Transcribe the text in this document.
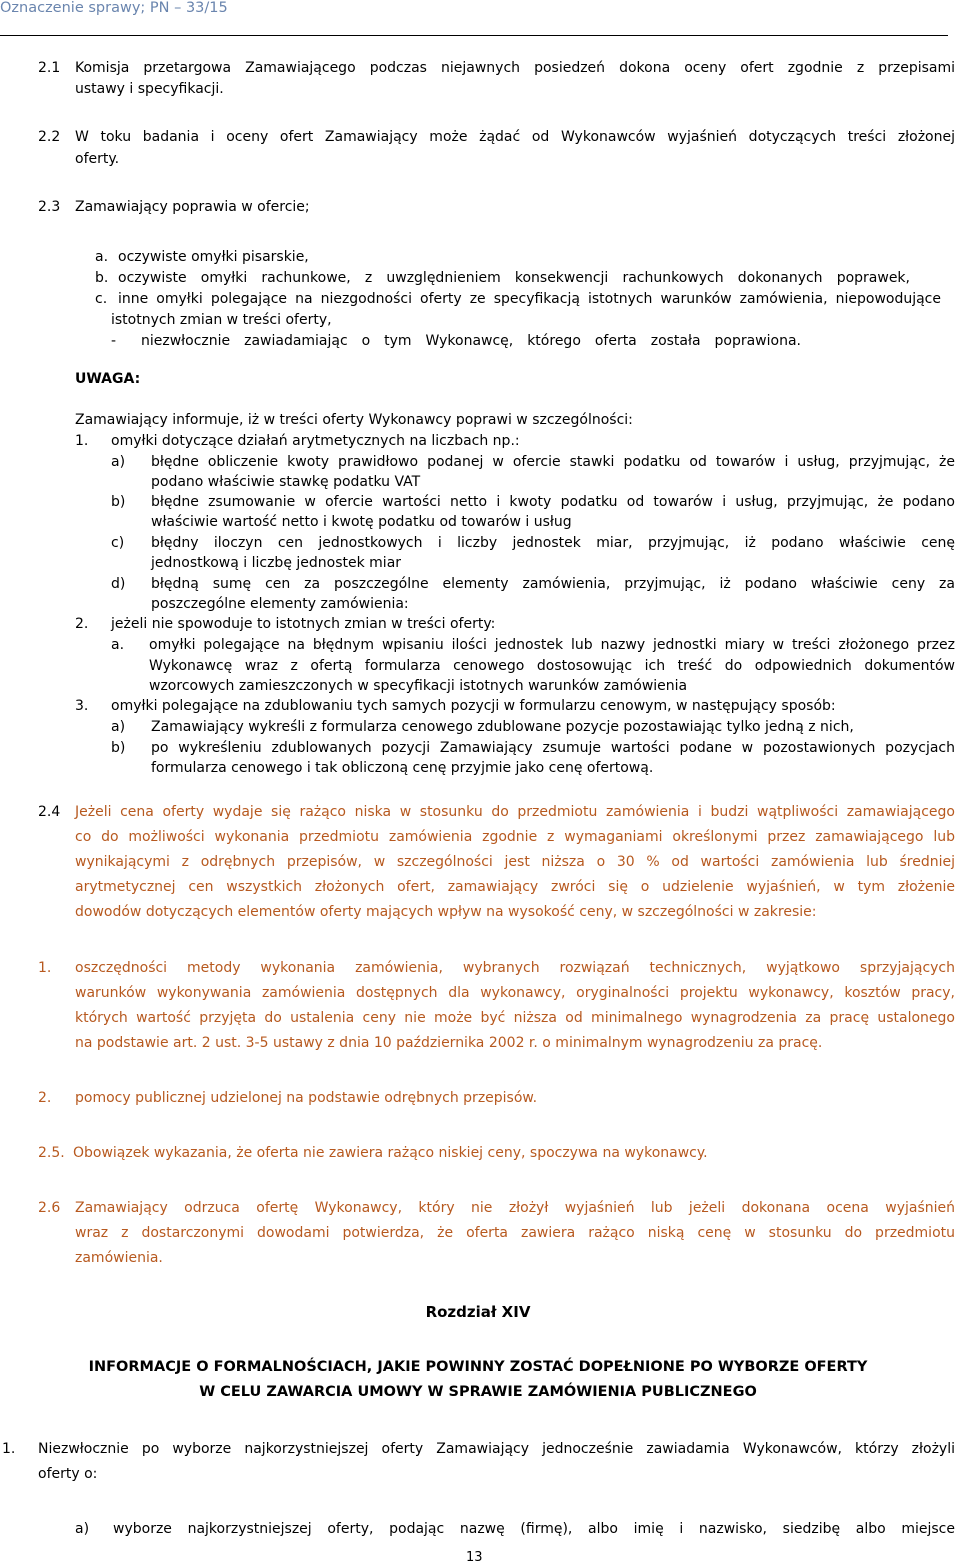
Oznaczenie sprawy; PN – 33/15
2.1 Komisja przetargowa Zamawiającego podczas niejawnych posiedzeń dokona oceny ofert zgodnie z przepisami
ustawy i specyfikacji.
2.2 W toku badania i oceny ofert Zamawiający może żądać od Wykonawców wyjaśnień dotyczących treści złożonej
oferty.
2.3 Zamawiający poprawia w ofercie;
a. oczywiste omyłki pisarskie,
b. oczywiste omyłki rachunkowe, z uwzględnieniem konsekwencji rachunkowych dokonanych poprawek,
c. inne omyłki polegające na niezgodności oferty ze specyfikacją istotnych warunków zamówienia, niepowodujące
istotnych zmian w treści oferty,
- niezwłocznie zawiadamiając o tym Wykonawcę, którego oferta została poprawiona.
UWAGA:
Zamawiający informuje, iż w treści oferty Wykonawcy poprawi w szczególności:
1. omyłki dotyczące działań arytmetycznych na liczbach np.:
a) błędne obliczenie kwoty prawidłowo podanej w ofercie stawki podatku od towarów i usług, przyjmując, że
podano właściwie stawkę podatku VAT
b) błędne zsumowanie w ofercie wartości netto i kwoty podatku od towarów i usług, przyjmując, że podano
właściwie wartość netto i kwotę podatku od towarów i usług
c) błędny iloczyn cen jednostkowych i liczby jednostek miar, przyjmując, iż podano właściwie cenę
jednostkową i liczbę jednostek miar
d) błędną sumę cen za poszczególne elementy zamówienia, przyjmując, iż podano właściwie ceny za
poszczególne elementy zamówienia:
2. jeżeli nie spowoduje to istotnych zmian w treści oferty:
a. omyłki polegające na błędnym wpisaniu ilości jednostek lub nazwy jednostki miary w treści złożonego przez
Wykonawcę wraz z ofertą formularza cenowego dostosowując ich treść do odpowiednich dokumentów
wzorcowych zamieszczonych w specyfikacji istotnych warunków zamówienia
3. omyłki polegające na zdublowaniu tych samych pozycji w formularzu cenowym, w następujący sposób:
a) Zamawiający wykreśli z formularza cenowego zdublowane pozycje pozostawiając tylko jedną z nich,
b) po wykreśleniu zdublowanych pozycji Zamawiający zsumuje wartości podane w pozostawionych pozycjach
formularza cenowego i tak obliczoną cenę przyjmie jako cenę ofertową.
2.4 Jeżeli cena oferty wydaje się rażąco niska w stosunku do przedmiotu zamówienia i budzi wątpliwości zamawiającego
co do możliwości wykonania przedmiotu zamówienia zgodnie z wymaganiami określonymi przez zamawiającego lub
wynikającymi z odrębnych przepisów, w szczególności jest niższa o 30 % od wartości zamówienia lub średniej
arytmetycznej cen wszystkich złożonych ofert, zamawiający zwróci się o udzielenie wyjaśnień, w tym złożenie
dowodów dotyczących elementów oferty mających wpływ na wysokość ceny, w szczególności w zakresie:
1. oszczędności metody wykonania zamówienia, wybranych rozwiązań technicznych, wyjątkowo sprzyjających
warunków wykonywania zamówienia dostępnych dla wykonawcy, oryginalności projektu wykonawcy, kosztów pracy,
których wartość przyjęta do ustalenia ceny nie może być niższa od minimalnego wynagrodzenia za pracę ustalonego
na podstawie art. 2 ust. 3-5 ustawy z dnia 10 października 2002 r. o minimalnym wynagrodzeniu za pracę.
2. pomocy publicznej udzielonej na podstawie odrębnych przepisów.
2.5. Obowiązek wykazania, że oferta nie zawiera rażąco niskiej ceny, spoczywa na wykonawcy.
2.6 Zamawiający odrzuca ofertę Wykonawcy, który nie złożył wyjaśnień lub jeżeli dokonana ocena wyjaśnień
wraz z dostarczonymi dowodami potwierdza, że oferta zawiera rażąco niską cenę w stosunku do przedmiotu
zamówienia.
Rozdział XIV
INFORMACJE O FORMALNOŚCIACH, JAKIE POWINNY ZOSTAĆ DOPEŁNIONE PO WYBORZE OFERTY
W CELU ZAWARCIA UMOWY W SPRAWIE ZAMÓWIENIA PUBLICZNEGO
1. Niezwłocznie po wyborze najkorzystniejszej oferty Zamawiający jednocześnie zawiadamia Wykonawców, którzy złożyli
oferty o:
a) wyborze najkorzystniejszej oferty, podając nazwę (firmę), albo imię i nazwisko, siedzibę albo miejsce
13
